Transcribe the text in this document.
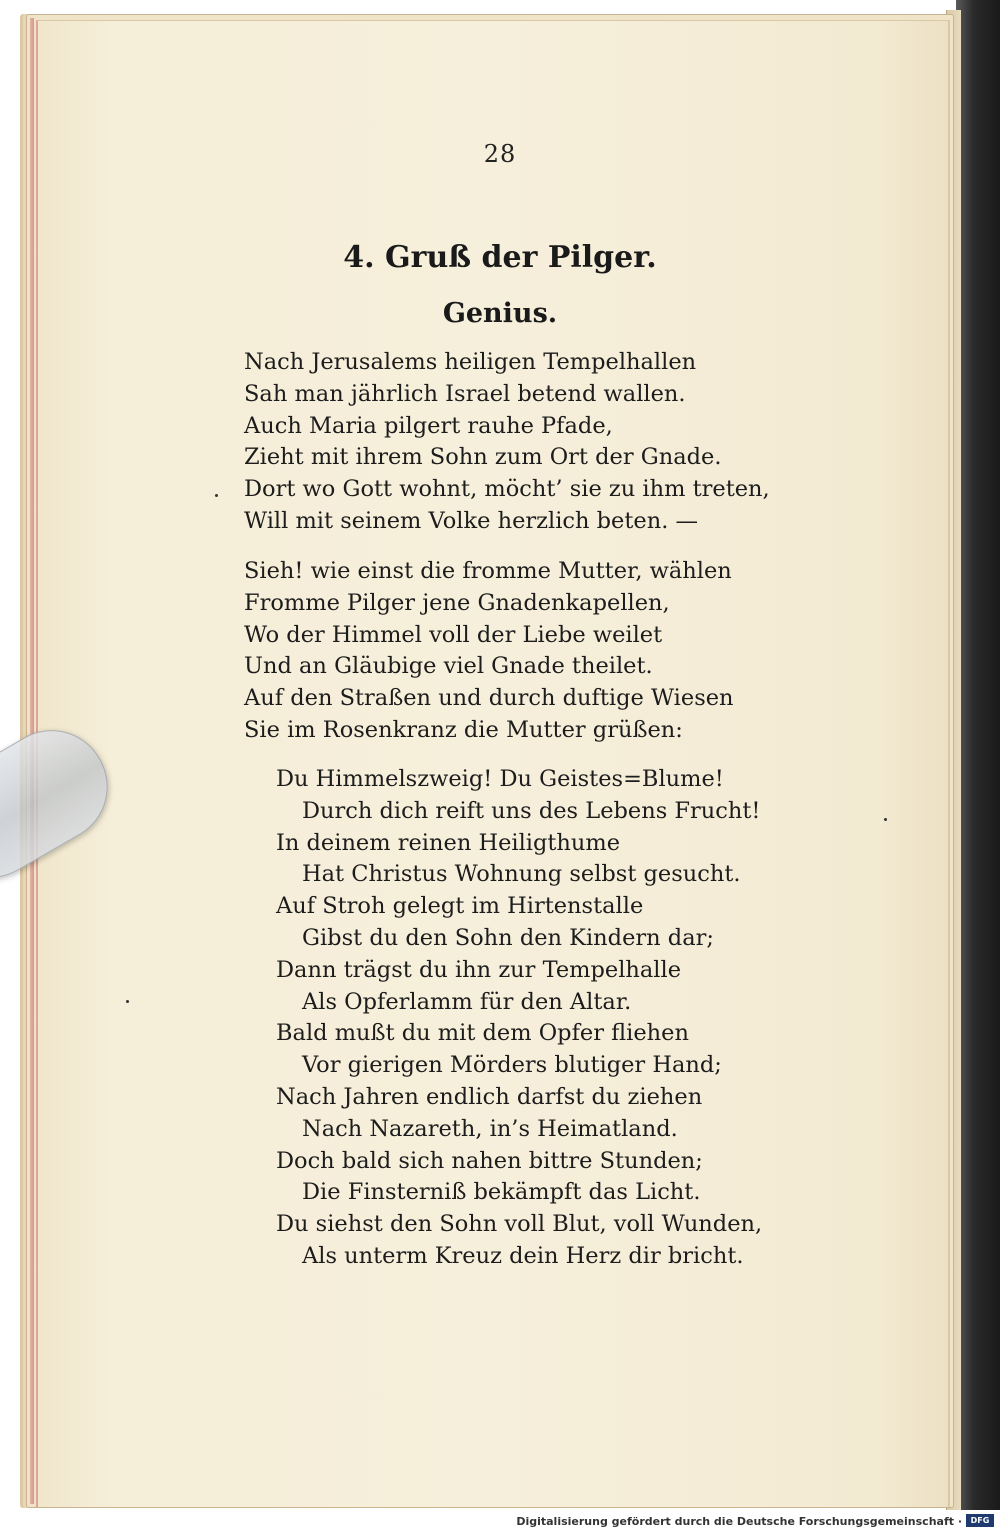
28
4. Gruß der Pilger.
Genius.
Nach Jerusalems heiligen Tempelhallen
Sah man jährlich Israel betend wallen.
Auch Maria pilgert rauhe Pfade,
Zieht mit ihrem Sohn zum Ort der Gnade.
Dort wo Gott wohnt, möcht’ sie zu ihm treten,
Will mit seinem Volke herzlich beten. —
Sieh! wie einst die fromme Mutter, wählen
Fromme Pilger jene Gnadenkapellen,
Wo der Himmel voll der Liebe weilet
Und an Gläubige viel Gnade theilet.
Auf den Straßen und durch duftige Wiesen
Sie im Rosenkranz die Mutter grüßen:
Du Himmelszweig! Du Geistes=Blume!
Durch dich reift uns des Lebens Frucht!
In deinem reinen Heiligthume
Hat Christus Wohnung selbst gesucht.
Auf Stroh gelegt im Hirtenstalle
Gibst du den Sohn den Kindern dar;
Dann trägst du ihn zur Tempelhalle
Als Opferlamm für den Altar.
Bald mußt du mit dem Opfer fliehen
Vor gierigen Mörders blutiger Hand;
Nach Jahren endlich darfst du ziehen
Nach Nazareth, in’s Heimatland.
Doch bald sich nahen bittre Stunden;
Die Finsterniß bekämpft das Licht.
Du siehst den Sohn voll Blut, voll Wunden,
Als unterm Kreuz dein Herz dir bricht.
Digitalisierung gefördert durch die Deutsche Forschungsgemeinschaft ·	DFG
